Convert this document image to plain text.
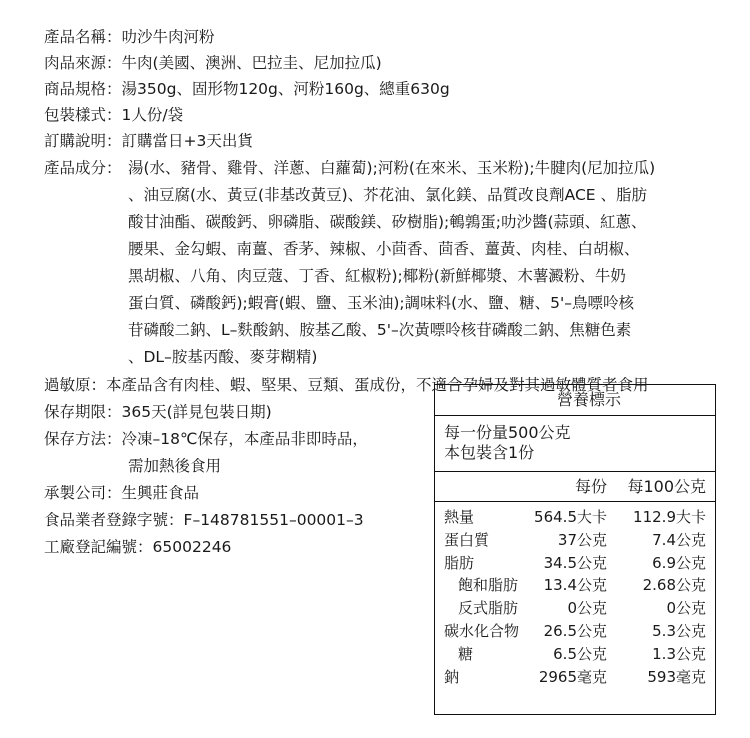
產品名稱：叻沙牛肉河粉
肉品來源：牛肉(美國、澳洲、巴拉圭、尼加拉瓜)
商品規格：湯350g、固形物120g、河粉160g、總重630g
包裝樣式：1人份/袋
訂購說明：訂購當日+3天出貨
產品成分： 湯(水、豬骨、雞骨、洋蔥、白蘿蔔);河粉(在來米、玉米粉);牛腱肉(尼加拉瓜)
、油豆腐(水、黃豆(非基改黃豆)、芥花油、氯化鎂、品質改良劑ACE 、脂肪
酸甘油酯、碳酸鈣、卵磷脂、碳酸鎂、矽樹脂);鵪鶉蛋;叻沙醬(蒜頭、紅蔥、
腰果、金勾蝦、南薑、香茅、辣椒、小茴香、茴香、薑黃、肉桂、白胡椒、
黑胡椒、八角、肉豆蔻、丁香、紅椒粉);椰粉(新鮮椰漿、木薯澱粉、牛奶
蛋白質、磷酸鈣);蝦膏(蝦、鹽、玉米油);調味料(水、鹽、糖、5'–鳥嘌呤核
苷磷酸二鈉、L–麩酸鈉、胺基乙酸、5'–次黃嘌呤核苷磷酸二鈉、焦糖色素
、DL–胺基丙酸、麥芽糊精)
過敏原：本產品含有肉桂、蝦、堅果、豆類、蛋成份，不適合孕婦及對其過敏體質者食用
保存期限：365天(詳見包裝日期)
保存方法：冷凍–18℃保存，本產品非即時品，
需加熱後食用
承製公司：生興莊食品
食品業者登錄字號：F–148781551–00001–3
工廠登記編號：65002246
營養標示
每一份量500公克
本包裝含1份
每份 每100公克
熱量	564.5大卡 112.9大卡
蛋白質	37公克	7.4公克
脂肪	34.5公克	6.9公克
飽和脂肪 13.4公克 2.68公克
反式脂肪	0公克	0公克
碳水化合物 26.5公克	5.3公克
糖	6.5公克	1.3公克
鈉	2965毫克	593毫克
